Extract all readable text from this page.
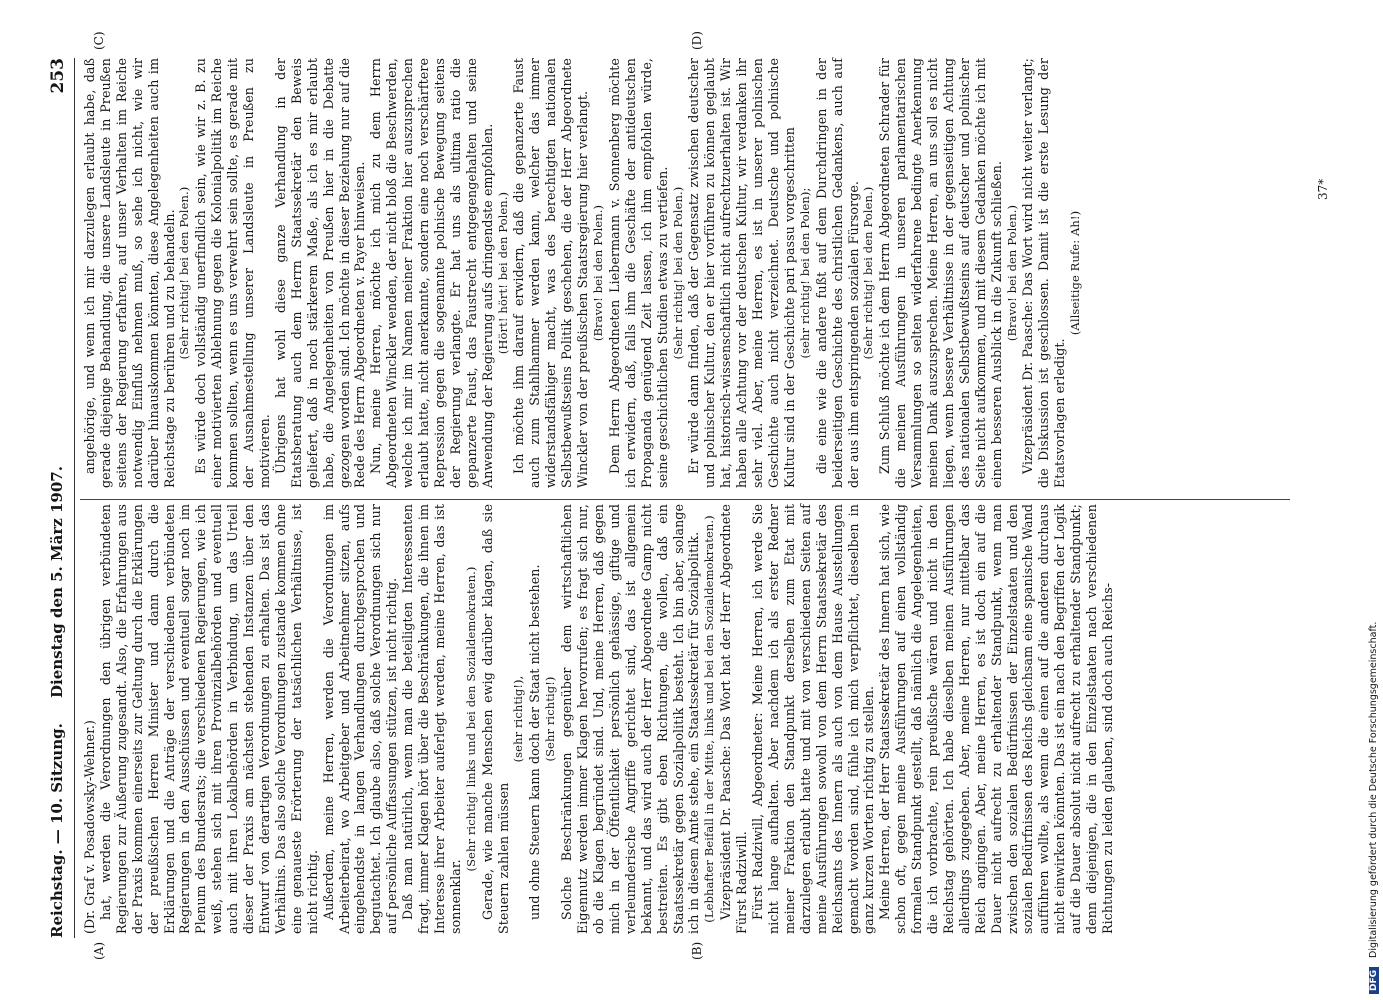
Reichstag. — 10. Sitzung.
Dienstag den 5. März 1907.
253
(A)	(B)
(C)	(D)

(Dr. Graf v. Posadowsky-Wehner.) hat, werden die Verordnungen den übrigen verbündeten Regierungen zur Äußerung zugesandt. Also, die Erfahrungen aus der Praxis kommen einerseits zur Geltung durch die Erklärungen der preußischen Herren Minister und dann durch die Erklärungen und die Anträge der verschiedenen verbündeten Regierungen in den Ausschüssen und eventuell sogar noch im Plenum des Bundesrats; die verschiedenen Regierungen, wie ich weiß, stehen sich mit ihren Provinzialbehörden und eventuell auch mit ihren Lokalbehörden in Verbindung, um das Urteil dieser der Praxis am nächsten stehenden Instanzen über den Entwurf von derartigen Verordnungen zu erhalten. Das ist das Verhältnis. Das also solche Verordnungen zustande kommen ohne eine genaueste Erörterung der tatsächlichen Verhältnisse, ist nicht richtig. Außerdem, meine Herren, werden die Verordnungen im Arbeiterbeirat, wo Arbeitgeber und Arbeitnehmer sitzen, aufs eingehendste in langen Verhandlungen durchgesprochen und begutachtet. Ich glaube also, daß solche Verordnungen sich nur auf persönliche Auffassungen stützen, ist nicht richtig. Daß man natürlich, wenn man die beteiligten Interessenten fragt, immer Klagen hört über die Beschränkungen, die ihnen im Interesse ihrer Arbeiter auferlegt werden, meine Herren, das ist sonnenklar.

(Sehr richtig! links und bei den Sozialdemokraten.) Gerade, wie manche Menschen ewig darüber klagen, daß sie Steuern zahlen müssen

(sehr richtig!), und ohne Steuern kann doch der Staat nicht bestehen. (Sehr richtig!) Solche Beschränkungen gegenüber dem wirtschaftlichen Eigennutz werden immer Klagen hervorrufen; es fragt sich nur, ob die Klagen begründet sind. Und, meine Herren, daß gegen mich in der Öffentlichkeit persönlich gehässige, giftige und verleumderische Angriffe gerichtet sind, das ist allgemein bekannt, und das wird auch der Herr Abgeordnete Gamp nicht bestreiten. Es gibt eben Richtungen, die wollen, daß ein Staatssekretär gegen Sozialpolitik besteht. Ich bin aber, solange ich in diesem Amte stehe, ein Staatssekretär für Sozialpolitik. (Lebhafter Beifall in der Mitte, links und bei den Sozialdemokraten.) Vizepräsident Dr. Paasche: Das Wort hat der Herr Abgeordnete Fürst Radziwill. Fürst Radziwill, Abgeordneter: Meine Herren, ich werde Sie nicht lange aufhalten. Aber nachdem ich als erster Redner meiner Fraktion den Standpunkt derselben zum Etat mit darzulegen erlaubt hatte und mit von verschiedenen Seiten auf meine Ausführungen sowohl von dem Herrn Staatssekretär des Reichsamts des Innern als auch von dem Hause Ausstellungen gemacht worden sind, fühle ich mich verpflichtet, dieselben in ganz kurzen Worten richtig zu stellen. Meine Herren, der Herr Staatssekretär des Innern hat sich, wie schon oft, gegen meine Ausführungen auf einen vollständig formalen Standpunkt gestellt, daß nämlich die Angelegenheiten, die ich vorbrachte, rein preußische wären und nicht in den Reichstag gehörten. Ich habe dieselben meinen Ausführungen allerdings zugegeben. Aber, meine Herren, nur mittelbar das Reich angingen. Aber, meine Herren, es ist doch ein auf die Dauer nicht aufrecht zu erhaltender Standpunkt, wenn man zwischen den sozialen Bedürfnissen der Einzelstaaten und den sozialen Bedürfnissen des Reichs gleichsam eine spanische Wand aufführen wollte, als wenn die einen auf die anderen durchaus nicht einwirken könnten. Das ist ein nach den Begriffen der Logik auf die Dauer absolut nicht aufrecht zu erhaltender Standpunkt; denn diejenigen, die in den Einzelstaaten nach verschiedenen Richtungen zu leiden glauben, sind doch auch Reichs-

angehörige, und wenn ich mir darzulegen erlaubt habe, daß gerade diejenige Behandlung, die unsere Landsleute in Preußen seitens der Regierung erfahren, auf unser Verhalten im Reiche notwendig Einfluß nehmen muß, so sehe ich nicht, wie wir darüber hinauskommen könnten, diese Angelegenheiten auch im Reichstage zu berühren und zu behandeln. (Sehr richtig! bei den Polen.) Es würde doch vollständig unerfindlich sein, wie wir z. B. zu einer motivierten Ablehnung gegen die Kolonialpolitik im Reiche kommen sollten, wenn es uns verwehrt sein sollte, es gerade mit der Ausnahmestellung unserer Landsleute in Preußen zu motivieren. Übrigens hat wohl diese ganze Verhandlung in der Etatsberatung auch dem Herrn Staatssekretär den Beweis geliefert, daß in noch stärkerem Maße, als ich es mir erlaubt habe, die Angelegenheiten von Preußen hier in die Debatte gezogen worden sind. Ich möchte in dieser Beziehung nur auf die Rede des Herrn Abgeordneten v. Payer hinweisen. Nun, meine Herren, möchte ich mich zu dem Herrn Abgeordneten Winckler wenden, der nicht bloß die Beschwerden, welche ich mir im Namen meiner Fraktion hier auszusprechen erlaubt hatte, nicht anerkannte, sondern eine noch verschärftere Repression gegen die sogenannte polnische Bewegung seitens der Regierung verlangte. Er hat uns als ultima ratio die gepanzerte Faust, das Faustrecht entgegengehalten und seine Anwendung der Regierung aufs dringendste empfohlen. (Hört! hört! bei den Polen.) Ich möchte ihm darauf erwidern, daß die gepanzerte Faust auch zum Stahlhammer werden kann, welcher das immer widerstandsfähiger macht, was des berechtigten nationalen Selbstbewußtseins Politik geschehen, die der Herr Abgeordnete Winckler von der preußischen Staatsregierung hier verlangt. (Bravo! bei den Polen.) Dem Herrn Abgeordneten Liebermann v. Sonnenberg möchte ich erwidern, daß, falls ihm die Geschäfte der antideutschen Propaganda genügend Zeit lassen, ich ihm empfohlen würde, seine geschichtlichen Studien etwas zu vertiefen. (Sehr richtig! bei den Polen.) Er würde dann finden, daß der Gegensatz zwischen deutscher und polnischer Kultur, den er hier vorführen zu können geglaubt hat, historisch-wissenschaftlich nicht aufrechtzuerhalten ist. Wir haben alle Achtung vor der deutschen Kultur, wir verdanken ihr sehr viel. Aber, meine Herren, es ist in unserer polnischen Geschichte auch nicht verzeichnet. Deutsche und polnische Kultur sind in der Geschichte pari passu vorgeschritten (sehr richtig! bei den Polen); die eine wie die andere fußt auf dem Durchdringen in der beiderseitigen Geschichte des christlichen Gedankens, auch auf der aus ihm entspringenden sozialen Fürsorge. (Sehr richtig! bei den Polen.) Zum Schluß möchte ich dem Herrn Abgeordneten Schrader für die meinen Ausführungen in unseren parlamentarischen Versammlungen so selten widerfahrene bedingte Anerkennung meinen Dank auszusprechen. Meine Herren, an uns soll es nicht liegen, wenn bessere Verhältnisse in der gegenseitigen Achtung des nationalen Selbstbewußtseins auf deutscher und polnischer Seite nicht aufkommen, und mit diesem Gedanken möchte ich mit einem besseren Ausblick in die Zukunft schließen. (Bravo! bei den Polen.) Vizepräsident Dr. Paasche: Das Wort wird nicht weiter verlangt; die Diskussion ist geschlossen. Damit ist die erste Lesung der Etatsvorlagen erledigt.

(Allseitige Rufe: Ah!)

37*
DFG Digitalisierung gefördert durch die Deutsche Forschungsgemeinschaft.
